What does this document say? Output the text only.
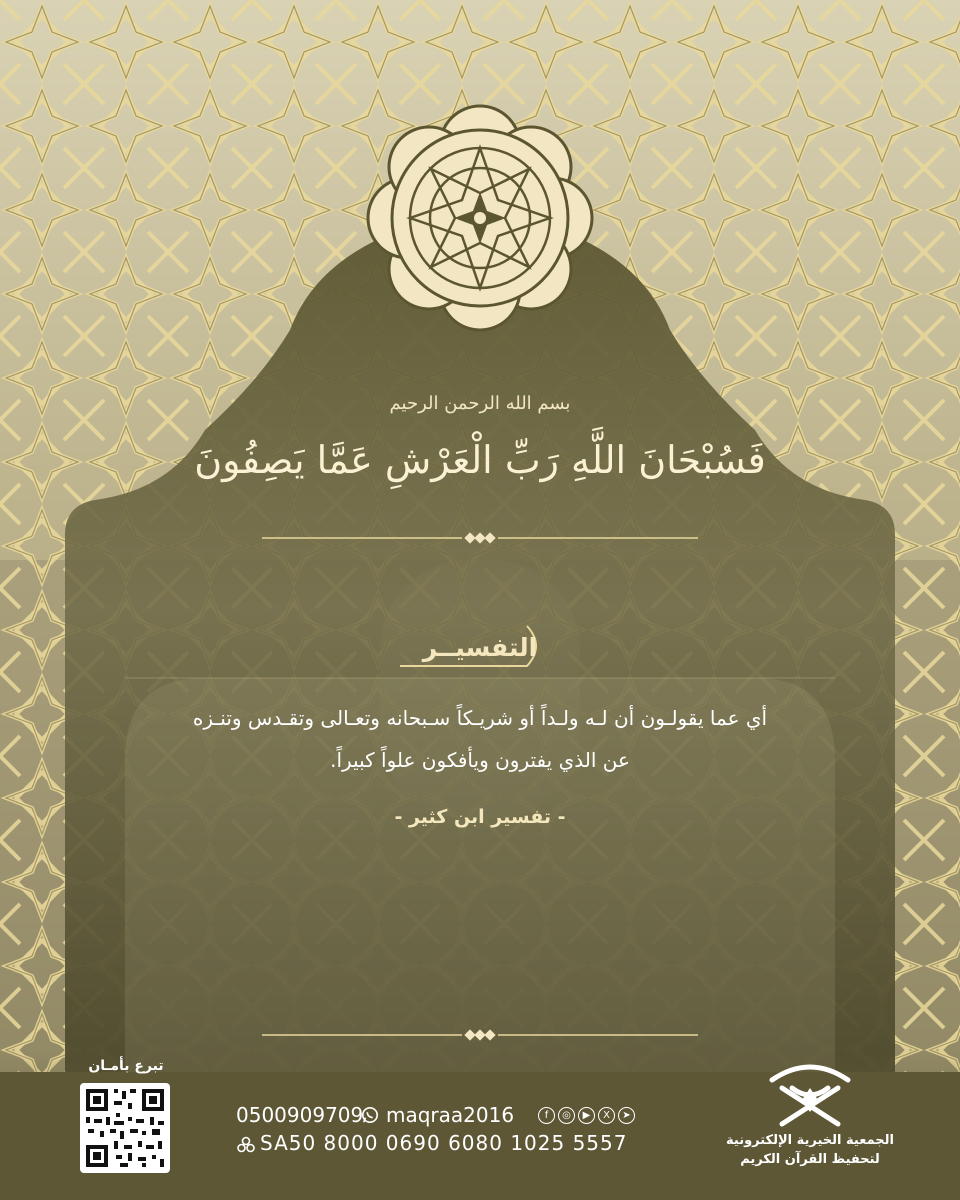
بسم الله الرحمن الرحيم
فَسُبْحَانَ اللَّهِ رَبِّ الْعَرْشِ عَمَّا يَصِفُونَ
التفسيــر
أي عما يقولـون أن لـه ولـداً أو شريـكاً سـبحانه وتعـالى وتقـدس وتنـزه
عن الذي يفترون ويأفكون علواً كبيراً.
- تفسير ابن كثير -
تبرع بأمـان
0500909709 maqraa2016	f	◎	▶	X	➤
SA50 8000 0690 6080 1025 5557	الجمعية الخيرية الإلكترونية
لتحفيظ القرآن الكريم
